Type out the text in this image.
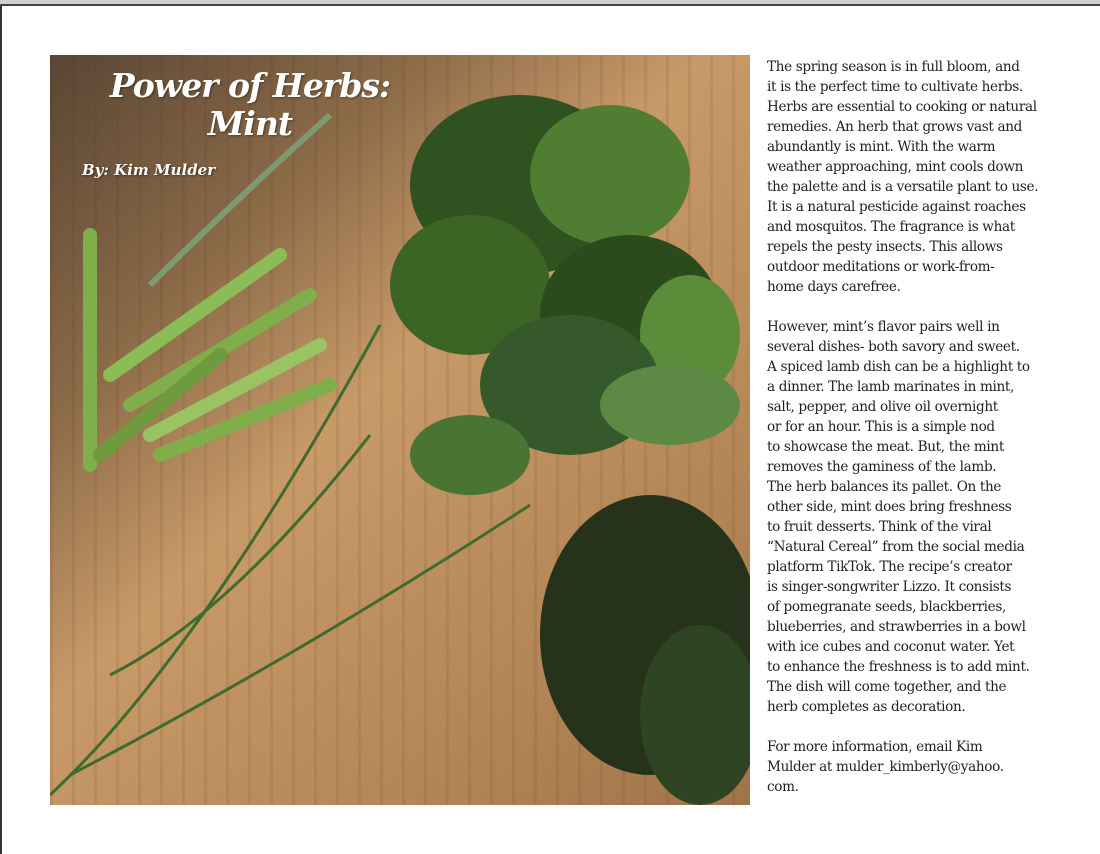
Power of Herbs:
Mint
By: Kim Mulder

The spring season is in full bloom, and
it is the perfect time to cultivate herbs.
Herbs are essential to cooking or natural
remedies. An herb that grows vast and
abundantly is mint. With the warm
weather approaching, mint cools down
the palette and is a versatile plant to use.
It is a natural pesticide against roaches
and mosquitos. The fragrance is what
repels the pesty insects. This allows
outdoor meditations or work-from-
home days carefree.

However, mint’s flavor pairs well in
several dishes- both savory and sweet.
A spiced lamb dish can be a highlight to
a dinner. The lamb marinates in mint,
salt, pepper, and olive oil overnight
or for an hour. This is a simple nod
to showcase the meat. But, the mint
removes the gaminess of the lamb.
The herb balances its pallet. On the
other side, mint does bring freshness
to fruit desserts. Think of the viral
“Natural Cereal” from the social media
platform TikTok. The recipe’s creator
is singer-songwriter Lizzo. It consists
of pomegranate seeds, blackberries,
blueberries, and strawberries in a bowl
with ice cubes and coconut water. Yet
to enhance the freshness is to add mint.
The dish will come together, and the
herb completes as decoration.

For more information, email Kim
Mulder at mulder_kimberly@yahoo.
com.
